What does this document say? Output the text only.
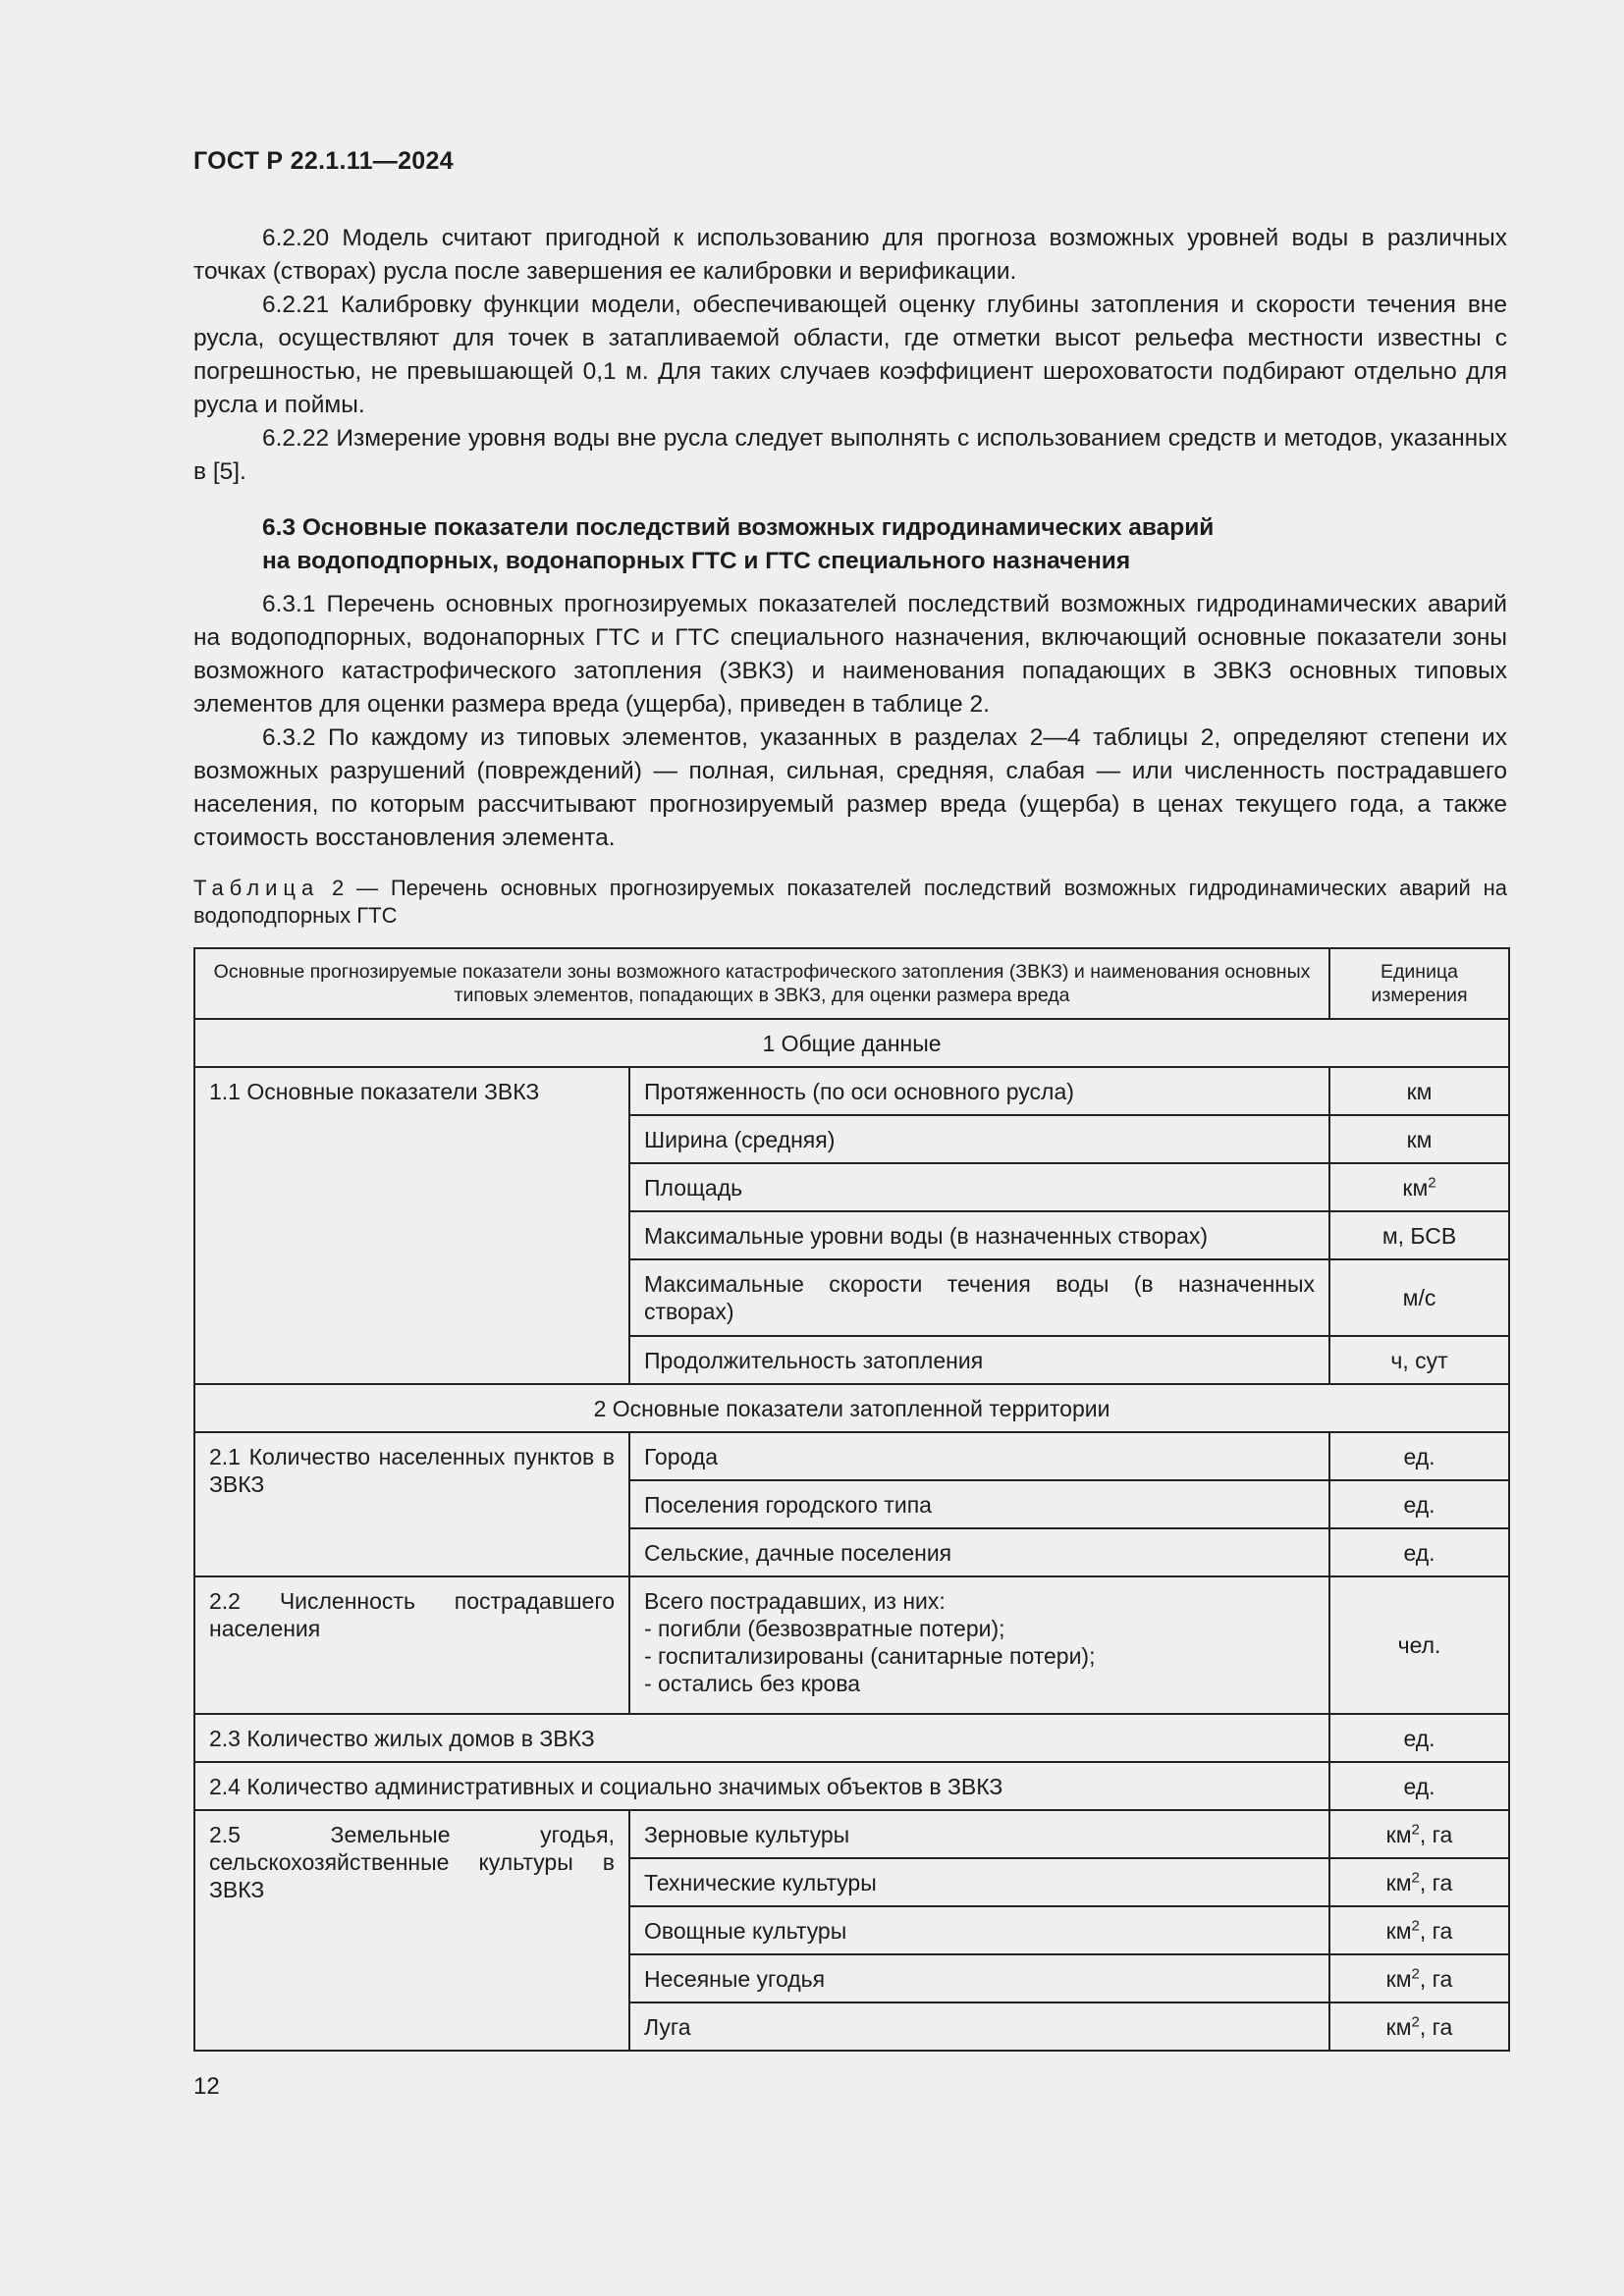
ГОСТ Р 22.1.11—2024

6.2.20 Модель считают пригодной к использованию для прогноза возможных уровней воды в различных точках (створах) русла после завершения ее калибровки и верификации.

6.2.21 Калибровку функции модели, обеспечивающей оценку глубины затопления и скорости течения вне русла, осуществляют для точек в затапливаемой области, где отметки высот рельефа местности известны с погрешностью, не превышающей 0,1 м. Для таких случаев коэффициент шероховатости подбирают отдельно для русла и поймы.

6.2.22 Измерение уровня воды вне русла следует выполнять с использованием средств и методов, указанных в [5].

6.3 Основные показатели последствий возможных гидродинамических аварий
на водоподпорных, водонапорных ГТС и ГТС специального назначения

6.3.1 Перечень основных прогнозируемых показателей последствий возможных гидродинамических аварий на водоподпорных, водонапорных ГТС и ГТС специального назначения, включающий основные показатели зоны возможного катастрофического затопления (ЗВКЗ) и наименования попадающих в ЗВКЗ основных типовых элементов для оценки размера вреда (ущерба), приведен в таблице 2.

6.3.2 По каждому из типовых элементов, указанных в разделах 2—4 таблицы 2, определяют степени их возможных разрушений (повреждений) — полная, сильная, средняя, слабая — или численность пострадавшего населения, по которым рассчитывают прогнозируемый размер вреда (ущерба) в ценах текущего года, а также стоимость восстановления элемента.

Таблица 2 — Перечень основных прогнозируемых показателей последствий возможных гидродинамических аварий на водоподпорных ГТС
Основные прогнозируемые показатели зоны возможного катастрофического затопления (ЗВКЗ) и наименования основных типовых элементов, попадающих в ЗВКЗ, для оценки размера вреда		Единица измерения
1 Общие данные		
1.1 Основные показатели ЗВКЗ	Протяженность (по оси основного русла)	км
	Ширина (средняя)	км
	Площадь	$км^2$
	Максимальные уровни воды (в назначенных створах)	м, БСВ
	Максимальные скорости течения воды (в назначенных створах)	м/с
	Продолжительность затопления	ч, сут
2 Основные показатели затопленной территории		
2.1 Количество населенных пунктов в ЗВКЗ	Города	ед.
	Поселения городского типа	ед.
	Сельские, дачные поселения	ед.
2.2 Численность пострадавшего населения	Всего пострадавших, из них:
- погибли (безвозвратные потери);
- госпитализированы (санитарные потери);
- остались без крова	чел.
2.3 Количество жилых домов в ЗВКЗ		ед.
2.4 Количество административных и социально значимых объектов в ЗВКЗ		ед.
2.5 Земельные угодья, сельскохозяйственные культуры в ЗВКЗ	Зерновые культуры	$км^2$, га
	Технические культуры	$км^2$, га
	Овощные культуры	$км^2$, га
	Несеяные угодья	$км^2$, га
	Луга	$км^2$, га
12
